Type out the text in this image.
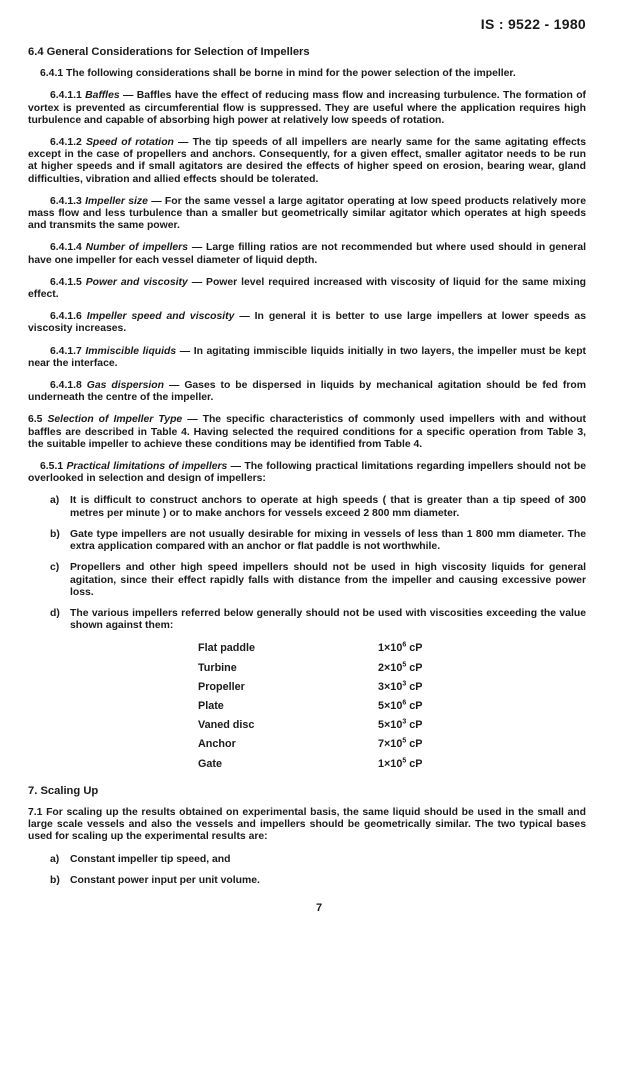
IS : 9522 - 1980
6.4 General Considerations for Selection of Impellers
6.4.1 The following considerations shall be borne in mind for the power selection of the impeller.
6.4.1.1 Baffles — Baffles have the effect of reducing mass flow and increasing turbulence. The formation of vortex is prevented as circumferential flow is suppressed. They are useful where the application requires high turbulence and capable of absorbing high power at relatively low speeds of rotation.
6.4.1.2 Speed of rotation — The tip speeds of all impellers are nearly same for the same agitating effects except in the case of propellers and anchors. Consequently, for a given effect, smaller agitator needs to be run at higher speeds and if small agitators are desired the effects of higher speed on erosion, bearing wear, gland difficulties, vibration and allied effects should be tolerated.
6.4.1.3 Impeller size — For the same vessel a large agitator operating at low speed products relatively more mass flow and less turbulence than a smaller but geometrically similar agitator which operates at high speeds and transmits the same power.
6.4.1.4 Number of impellers — Large filling ratios are not recommended but where used should in general have one impeller for each vessel diameter of liquid depth.
6.4.1.5 Power and viscosity — Power level required increased with viscosity of liquid for the same mixing effect.
6.4.1.6 Impeller speed and viscosity — In general it is better to use large impellers at lower speeds as viscosity increases.
6.4.1.7 Immiscible liquids — In agitating immiscible liquids initially in two layers, the impeller must be kept near the interface.
6.4.1.8 Gas dispersion — Gases to be dispersed in liquids by mechanical agitation should be fed from underneath the centre of the impeller.
6.5 Selection of Impeller Type — The specific characteristics of commonly used impellers with and without baffles are described in Table 4. Having selected the required conditions for a specific operation from Table 3, the suitable impeller to achieve these conditions may be identified from Table 4.
6.5.1 Practical limitations of impellers — The following practical limitations regarding impellers should not be overlooked in selection and design of impellers:
a) It is difficult to construct anchors to operate at high speeds ( that is greater than a tip speed of 300 metres per minute ) or to make anchors for vessels exceed 2 800 mm diameter.
b) Gate type impellers are not usually desirable for mixing in vessels of less than 1 800 mm diameter. The extra application compared with an anchor or flat paddle is not worthwhile.
c) Propellers and other high speed impellers should not be used in high viscosity liquids for general agitation, since their effect rapidly falls with distance from the impeller and causing excessive power loss.
d) The various impellers referred below generally should not be used with viscosities exceeding the value shown against them:
Flat paddle	$1\times 10^6$ cP
Turbine	$2\times 10^5$ cP
Propeller	$3\times 10^3$ cP
Plate	$5\times 10^6$ cP
Vaned disc	$5\times 10^3$ cP
Anchor	$7\times 10^5$ cP
Gate	$1\times 10^5$ cP
7. Scaling Up
7.1 For scaling up the results obtained on experimental basis, the same liquid should be used in the small and large scale vessels and also the vessels and impellers should be geometrically similar. The two typical bases used for scaling up the experimental results are:
a) Constant impeller tip speed, and
b) Constant power input per unit volume.
7
